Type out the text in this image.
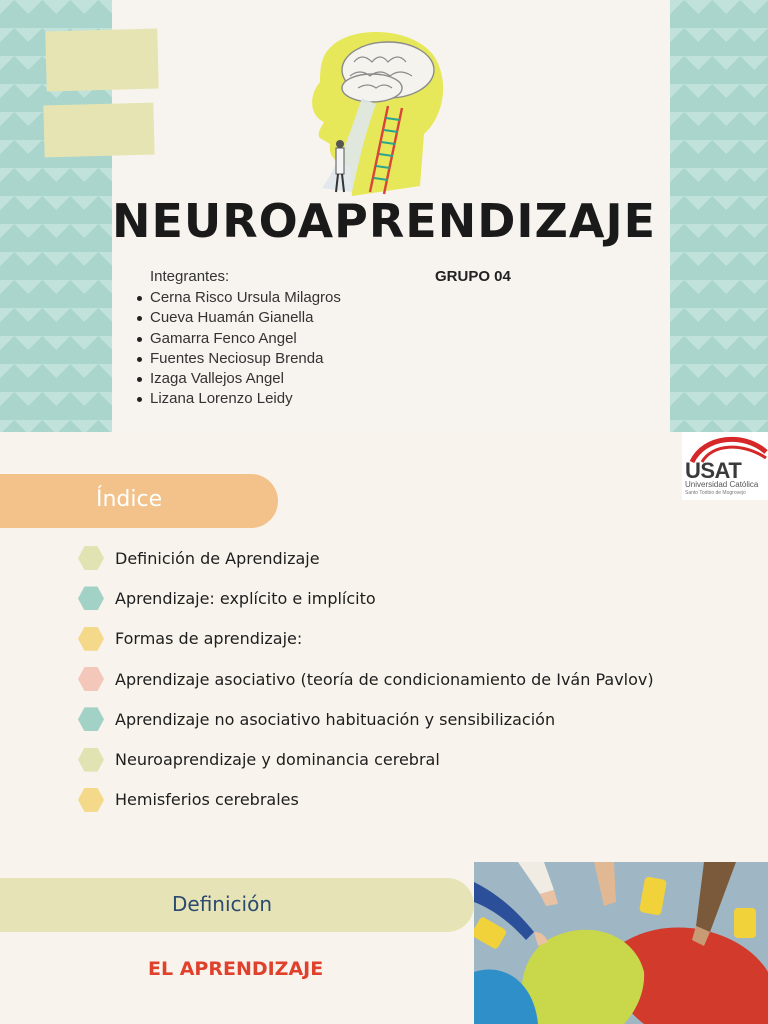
NEUROAPRENDIZAJE
Integrantes:	GRUPO 04
Cerna Risco Ursula Milagros
Cueva Huamán Gianella
Gamarra Fenco Angel
Fuentes Neciosup Brenda
Izaga Vallejos Angel
Lizana Lorenzo Leidy
USAT
Universidad Católica
Santo Toribio de Mogrovejo
Índice
Definición de Aprendizaje
Aprendizaje: explícito e implícito
Formas de aprendizaje:
Aprendizaje asociativo (teoría de condicionamiento de Iván Pavlov)
Aprendizaje no asociativo habituación y sensibilización
Neuroaprendizaje y dominancia cerebral
Hemisferios cerebrales
Definición
EL APRENDIZAJE
